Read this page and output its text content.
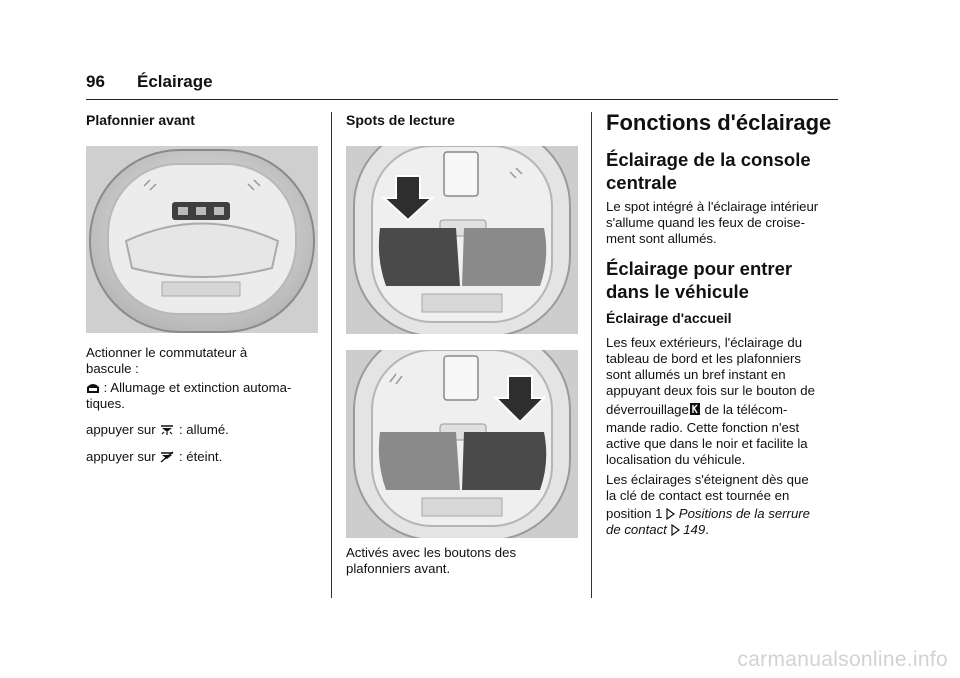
96 Éclairage
Plafonnier avant
Actionner le commutateur à
bascule :
: Allumage et extinction automa-
tiques.
appuyer sur : allumé.
appuyer sur : éteint.
Spots de lecture
Activés avec les boutons des
plafonniers avant.
Fonctions d'éclairage
Éclairage de la console
centrale
Le spot intégré à l'éclairage intérieur
s'allume quand les feux de croise-
ment sont allumés.
Éclairage pour entrer
dans le véhicule
Éclairage d'accueil
Les feux extérieurs, l'éclairage du
tableau de bord et les plafonniers
sont allumés un bref instant en
appuyant deux fois sur le bouton de
déverrouillage de la télécom-
mande radio. Cette fonction n'est
active que dans le noir et facilite la
localisation du véhicule.
Les éclairages s'éteignent dès que
la clé de contact est tournée en
position 1 Positions de la serrure
de contact 149.
carmanualsonline.info
